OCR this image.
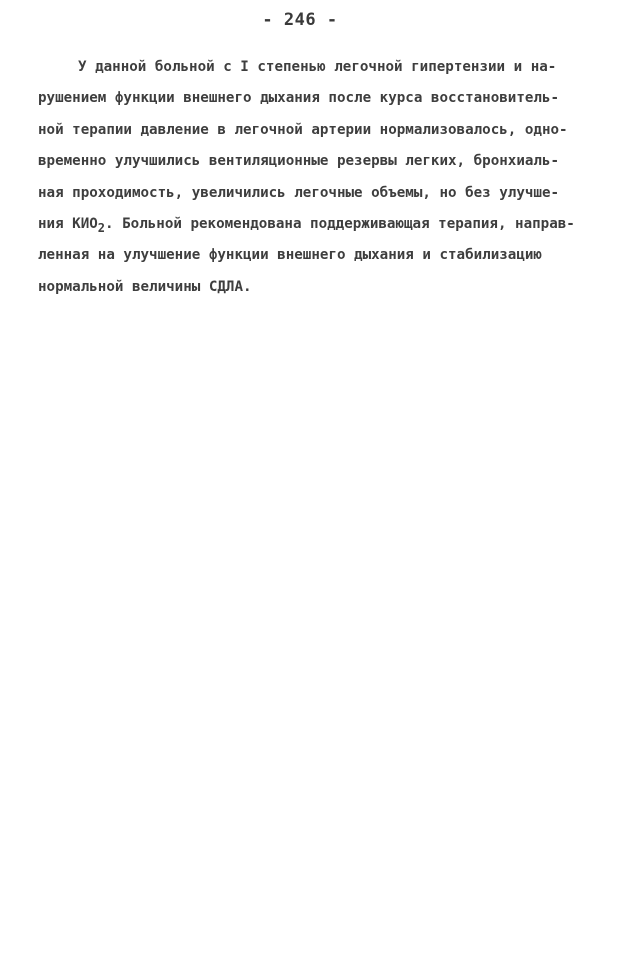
- 246 -
У данной больной с I степенью легочной гипертензии и на-
рушением функции внешнего дыхания после курса восстановитель-
ной терапии давление в легочной артерии нормализовалось, одно-
временно улучшились вентиляционные резервы легких, бронхиаль-
ная проходимость, увеличились легочные объемы, но без улучше-
ния $КИО_2$. Больной рекомендована поддерживающая терапия, направ-
ленная на улучшение функции внешнего дыхания и стабилизацию
нормальной величины СДЛА.
